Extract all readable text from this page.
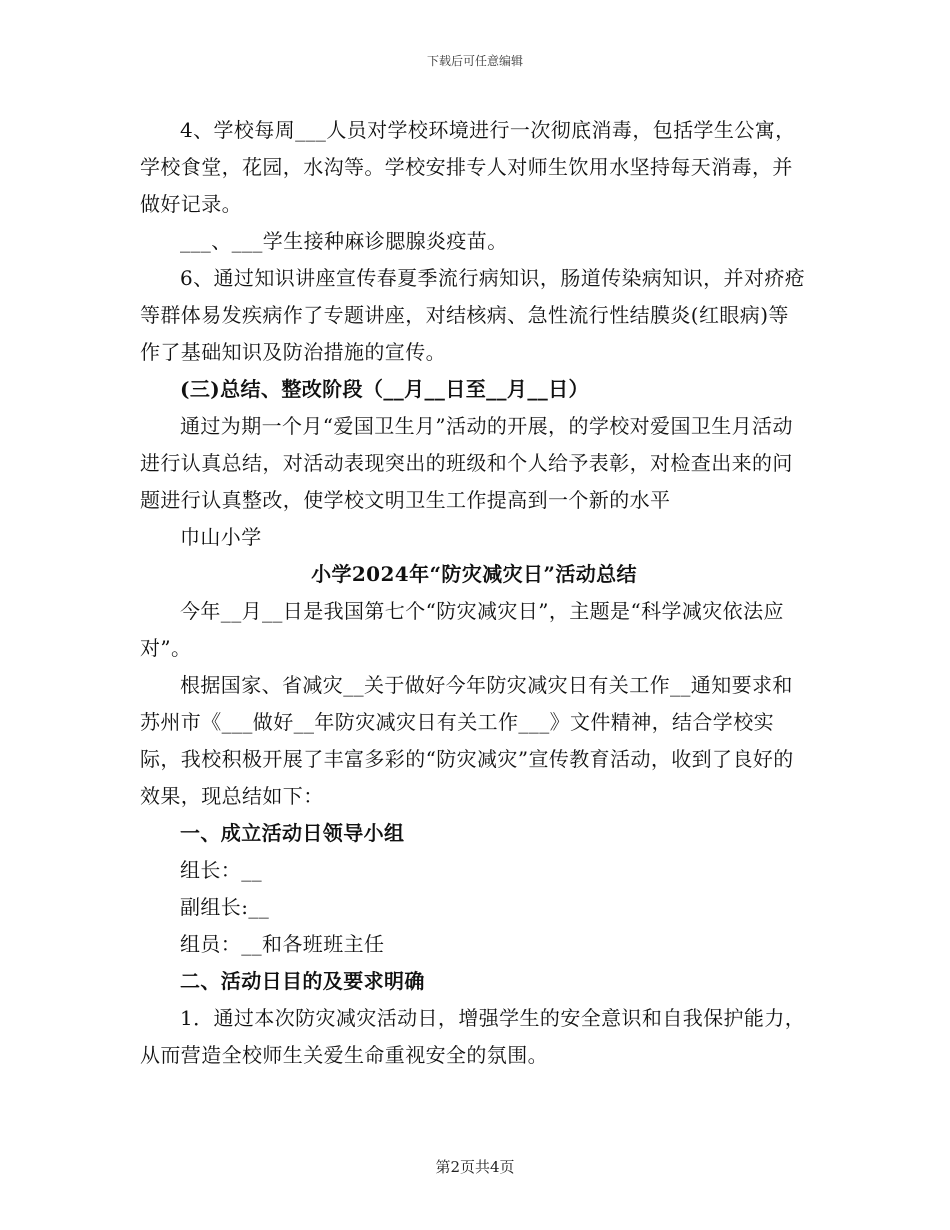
下载后可任意编辑

4、学校每周___人员对学校环境进行一次彻底消毒，包括学生公寓，学校食堂，花园，水沟等。学校安排专人对师生饮用水坚持每天消毒，并做好记录。

___、___学生接种麻诊腮腺炎疫苗。

6、通过知识讲座宣传春夏季流行病知识，肠道传染病知识，并对疥疮等群体易发疾病作了专题讲座，对结核病、急性流行性结膜炎(红眼病)等作了基础知识及防治措施的宣传。

(三)总结、整改阶段（__月__日至__月__日）

通过为期一个月“爱国卫生月”活动的开展，的学校对爱国卫生月活动进行认真总结，对活动表现突出的班级和个人给予表彰，对检查出来的问题进行认真整改，使学校文明卫生工作提高到一个新的水平

巾山小学

小学2024年“防灾减灾日”活动总结

今年__月__日是我国第七个“防灾减灾日”，主题是“科学减灾依法应对”。

根据国家、省减灾__关于做好今年防灾减灾日有关工作__通知要求和苏州市《___做好__年防灾减灾日有关工作___》文件精神，结合学校实际，我校积极开展了丰富多彩的“防灾减灾”宣传教育活动，收到了良好的效果，现总结如下：

一、成立活动日领导小组

组长：__

副组长:__

组员：__和各班班主任

二、活动日目的及要求明确

1．通过本次防灾减灾活动日，增强学生的安全意识和自我保护能力，从而营造全校师生关爱生命重视安全的氛围。

第2页共4页
